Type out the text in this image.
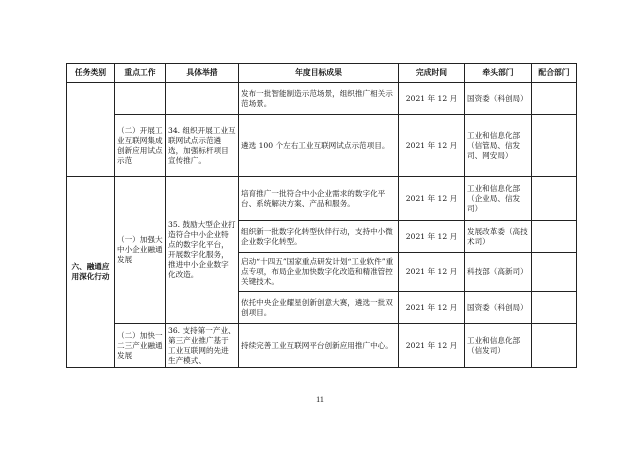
任务类别	重点工作	具体举措	年度目标成果	完成时间	牵头部门	配合部门
			发布一批智能制造示范场景，组织推广相关示范场景。	2021 年 12 月	国资委（科创局）	
	（二）开展工业互联网集成创新应用试点示范	34. 组织开展工业互联网试点示范遴选，加强标杆项目宣传推广。	遴选 100 个左右工业互联网试点示范项目。	2021 年 12 月	工业和信息化部（信管局、信发司、网安局）	
六、融通应用深化行动	（一）加强大中小企业融通发展	35. 鼓励大型企业打造符合中小企业特点的数字化平台，开展数字化服务，推进中小企业数字化改造。	培育推广一批符合中小企业需求的数字化平台、系统解决方案、产品和服务。	2021 年 12 月	工业和信息化部（企业局、信发司）	
			组织新一批数字化转型伙伴行动，支持中小微企业数字化转型。	2021 年 12 月	发展改革委（高技术司）	
			启动“十四五”国家重点研发计划“工业软件”重点专项，布局企业加快数字化改造和精准管控关键技术。	2021 年 12 月	科技部（高新司）	
			依托中央企业耀星创新创意大赛，遴选一批双创项目。	2021 年 12 月	国资委（科创局）	
	（二）加快一二三产业融通发展	36. 支持第一产业、第三产业推广基于工业互联网的先进生产模式、	持续完善工业互联网平台创新应用推广中心。	2021 年 12 月	工业和信息化部（信发司）	
11
